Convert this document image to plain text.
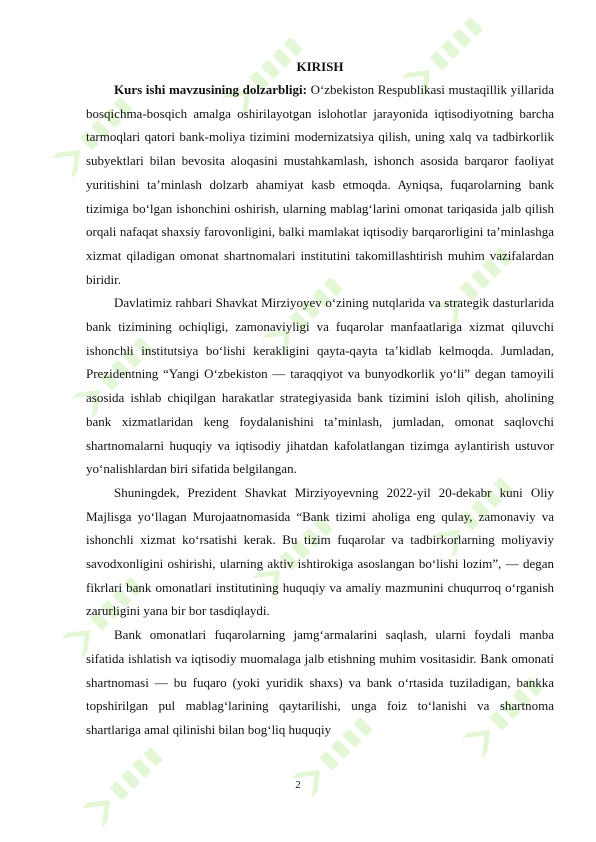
KIRISH

Kurs ishi mavzusining dolzarbligi: O‘zbekiston Respublikasi mustaqillik yillarida bosqichma-bosqich amalga oshirilayotgan islohotlar jarayonida iqtisodiyotning barcha tarmoqlari qatori bank-moliya tizimini modernizatsiya qilish, uning xalq va tadbirkorlik subyektlari bilan bevosita aloqasini mustahkamlash, ishonch asosida barqaror faoliyat yuritishini ta’minlash dolzarb ahamiyat kasb etmoqda. Ayniqsa, fuqarolarning bank tizimiga bo‘lgan ishonchini oshirish, ularning mablag‘larini omonat tariqasida jalb qilish orqali nafaqat shaxsiy farovonligini, balki mamlakat iqtisodiy barqarorligini ta’minlashga xizmat qiladigan omonat shartnomalari institutini takomillashtirish muhim vazifalardan biridir.

Davlatimiz rahbari Shavkat Mirziyoyev o‘zining nutqlarida va strategik dasturlarida bank tizimining ochiqligi, zamonaviyligi va fuqarolar manfaatlariga xizmat qiluvchi ishonchli institutsiya bo‘lishi kerakligini qayta-qayta ta’kidlab kelmoqda. Jumladan, Prezidentning “Yangi O‘zbekiston — taraqqiyot va bunyodkorlik yo‘li” degan tamoyili asosida ishlab chiqilgan harakatlar strategiyasida bank tizimini isloh qilish, aholining bank xizmatlaridan keng foydalanishini ta’minlash, jumladan, omonat saqlovchi shartnomalarni huquqiy va iqtisodiy jihatdan kafolatlangan tizimga aylantirish ustuvor yo‘nalishlardan biri sifatida belgilangan.

Shuningdek, Prezident Shavkat Mirziyoyevning 2022-yil 20-dekabr kuni Oliy Majlisga yo‘llagan Murojaatnomasida “Bank tizimi aholiga eng qulay, zamonaviy va ishonchli xizmat ko‘rsatishi kerak. Bu tizim fuqarolar va tadbirkorlarning moliyaviy savodxonligini oshirishi, ularning aktiv ishtirokiga asoslangan bo‘lishi lozim”, — degan fikrlari bank omonatlari institutining huquqiy va amaliy mazmunini chuqurroq o‘rganish zarurligini yana bir bor tasdiqlaydi.

Bank omonatlari fuqarolarning jamg‘armalarini saqlash, ularni foydali manba sifatida ishlatish va iqtisodiy muomalaga jalb etishning muhim vositasidir. Bank omonati shartnomasi — bu fuqaro (yoki yuridik shaxs) va bank o‘rtasida tuziladigan, bankka topshirilgan pul mablag‘larining qaytarilishi, unga foiz to‘lanishi va shartnoma shartlariga amal qilinishi bilan bog‘liq huquqiy

2
